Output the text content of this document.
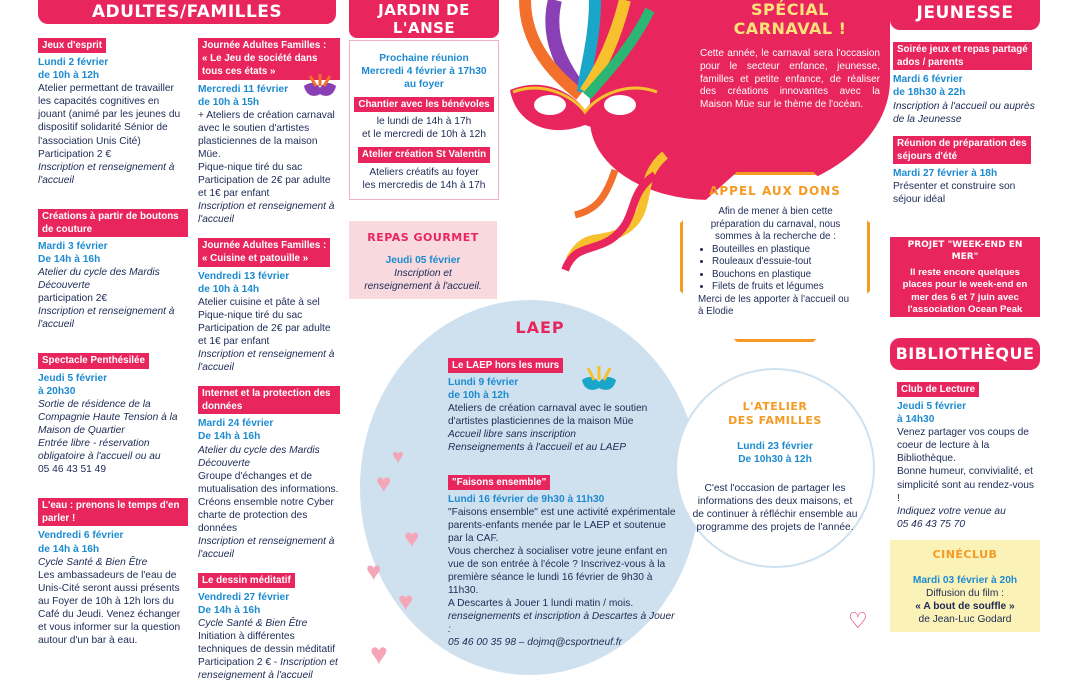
♥
♥
♥
♥
♥
♥
♡
ADULTES/FAMILLES	JARDIN DE
L'ANSE
SPÉCIAL
CARNAVAL !
JEUNESSE
BIBLIOTHÈQUE
LAEP
APPEL AUX DONS
REPAS GOURMET
L'ATELIER
DES FAMILLES
CINÉCLUB
Jeux d'esprit
Lundi 2 février
de 10h à 12h
Atelier permettant de travailler les capacités cognitives en jouant (animé par les jeunes du dispositif solidarité Sénior de l'association Unis Cité)
Participation 2 €
Inscription et renseignement à l'accueil
Créations à partir de boutons de couture
Mardi 3 février
De 14h à 16h
Atelier du cycle des Mardis Découverte
participation 2€
Inscription et renseignement à l'accueil
Spectacle Penthésilée
Jeudi 5 février
à 20h30
Sortie de résidence de la Compagnie Haute Tension à la Maison de Quartier
Entrée libre - réservation obligatoire à l'accueil ou au
05 46 43 51 49
L'eau : prenons le temps d'en parler !
Vendredi 6 février
de 14h à 16h
Cycle Santé & Bien Être
Les ambassadeurs de l'eau de Unis-Cité seront aussi présents au Foyer de 10h à 12h lors du Café du Jeudi. Venez échanger et vous informer sur la question autour d'un bar à eau.
Journée Adultes Familles :
« Le Jeu de société dans tous ces états »
Mercredi 11 février
de 10h à 15h
+ Ateliers de création carnaval avec le soutien d'artistes plasticiennes de la maison Müe.
Pique-nique tiré du sac
Participation de 2€ par adulte et 1€ par enfant
Inscription et renseignement à l'accueil
Journée Adultes Familles :
« Cuisine et patouille »
Vendredi 13 février
de 10h à 14h
Atelier cuisine et pâte à sel
Pique-nique tiré du sac
Participation de 2€ par adulte et 1€ par enfant
Inscription et renseignement à l'accueil
Internet et la protection des données
Mardi 24 février
De 14h à 16h
Atelier du cycle des Mardis Découverte
Groupe d'échanges et de mutualisation des informations. Créons ensemble notre Cyber charte de protection des données
Inscription et renseignement à l'accueil
Le dessin méditatif
Vendredi 27 février
De 14h à 16h
Cycle Santé & Bien Être
Initiation à différentes techniques de dessin méditatif
Participation 2 € - Inscription et renseignement à l'accueil
Prochaine réunion
Mercredi 4 février à 17h30
au foyer
Chantier avec les bénévoles
le lundi de 14h à 17h
et le mercredi de 10h à 12h
Atelier création St Valentin
Ateliers créatifs au foyer
les mercredis de 14h à 17h
Jeudi 05 février
Inscription et
renseignement à l'accueil.
Cette année, le carnaval sera l'occasion pour le secteur enfance, jeunesse, familles et petite enfance, de réaliser des créations innovantes avec la Maison Müe sur le thème de l'océan.
Afin de mener à bien cette préparation du carnaval, nous sommes à la recherche de :
• Bouteilles en plastique
• Rouleaux d'essuie-tout
• Bouchons en plastique
• Filets de fruits et légumes
Merci de les apporter à l'accueil ou à Elodie
Le LAEP hors les murs
Lundi 9 février
de 10h à 12h
Ateliers de création carnaval avec le soutien d'artistes plasticiennes de la maison Müe
Accueil libre sans inscription
Renseignements à l'accueil et au LAEP
"Faisons ensemble"
Lundi 16 février de 9h30 à 11h30
"Faisons ensemble" est une activité expérimentale parents-enfants menée par le LAEP et soutenue par la CAF.
Vous cherchez à socialiser votre jeune enfant en vue de son entrée à l'école ? Inscrivez-vous à la première séance le lundi 16 février de 9h30 à 11h30.
A Descartes à Jouer 1 lundi matin / mois.
renseignements et inscription à Descartes à Jouer :
05 46 00 35 98 – dojmq@csportneuf.fr
Lundi 23 février
De 10h30 à 12h
C'est l'occasion de partager les informations des deux maisons, et de continuer à réfléchir ensemble au programme des projets de l'année.
Soirée jeux et repas partagé
ados / parents
Mardi 6 février
de 18h30 à 22h
Inscription à l'accueil ou auprès de la Jeunesse
Réunion de préparation des
séjours d'été
Mardi 27 février à 18h
Présenter et construire son séjour idéal
PROJET "WEEK-END EN MER"
Il reste encore quelques places pour le week-end en mer des 6 et 7 juin avec l'association Ocean Peak
Club de Lecture
Jeudi 5 février
à 14h30
Venez partager vos coups de coeur de lecture à la Bibliothèque.
Bonne humeur, convivialité, et simplicité sont au rendez-vous !
Indiquez votre venue au
05 46 43 75 70
Mardi 03 février à 20h
Diffusion du film :
« A bout de souffle »
de Jean-Luc Godard
